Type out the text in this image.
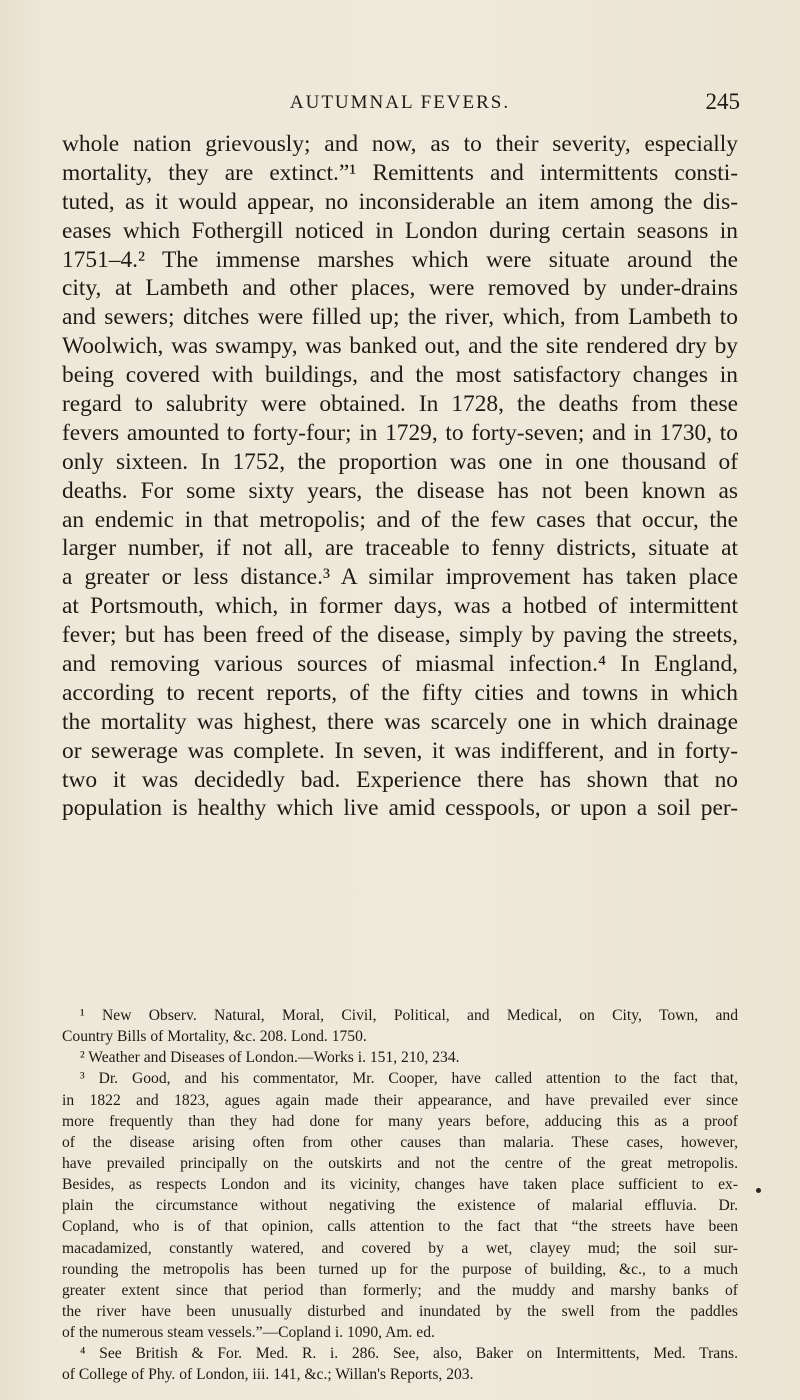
AUTUMNAL FEVERS.	245
whole nation grievously; and now, as to their severity, especially
mortality, they are extinct.”¹ Remittents and intermittents consti-
tuted, as it would appear, no inconsiderable an item among the dis-
eases which Fothergill noticed in London during certain seasons in
1751–4.² The immense marshes which were situate around the
city, at Lambeth and other places, were removed by under-drains
and sewers; ditches were filled up; the river, which, from Lambeth to
Woolwich, was swampy, was banked out, and the site rendered dry by
being covered with buildings, and the most satisfactory changes in
regard to salubrity were obtained. In 1728, the deaths from these
fevers amounted to forty-four; in 1729, to forty-seven; and in 1730, to
only sixteen. In 1752, the proportion was one in one thousand of
deaths. For some sixty years, the disease has not been known as
an endemic in that metropolis; and of the few cases that occur, the
larger number, if not all, are traceable to fenny districts, situate at
a greater or less distance.³ A similar improvement has taken place
at Portsmouth, which, in former days, was a hotbed of intermittent
fever; but has been freed of the disease, simply by paving the streets,
and removing various sources of miasmal infection.⁴ In England,
according to recent reports, of the fifty cities and towns in which
the mortality was highest, there was scarcely one in which drainage
or sewerage was complete. In seven, it was indifferent, and in forty-
two it was decidedly bad. Experience there has shown that no
population is healthy which live amid cesspools, or upon a soil per-
¹ New Observ. Natural, Moral, Civil, Political, and Medical, on City, Town, and
Country Bills of Mortality, &c. 208. Lond. 1750.
² Weather and Diseases of London.—Works i. 151, 210, 234.
³ Dr. Good, and his commentator, Mr. Cooper, have called attention to the fact that,
in 1822 and 1823, agues again made their appearance, and have prevailed ever since
more frequently than they had done for many years before, adducing this as a proof
of the disease arising often from other causes than malaria. These cases, however,
have prevailed principally on the outskirts and not the centre of the great metropolis.
Besides, as respects London and its vicinity, changes have taken place sufficient to ex-
plain the circumstance without negativing the existence of malarial effluvia. Dr.
Copland, who is of that opinion, calls attention to the fact that “the streets have been
macadamized, constantly watered, and covered by a wet, clayey mud; the soil sur-
rounding the metropolis has been turned up for the purpose of building, &c., to a much
greater extent since that period than formerly; and the muddy and marshy banks of
the river have been unusually disturbed and inundated by the swell from the paddles
of the numerous steam vessels.”—Copland i. 1090, Am. ed.
⁴ See British & For. Med. R. i. 286. See, also, Baker on Intermittents, Med. Trans.
of College of Phy. of London, iii. 141, &c.; Willan's Reports, 203.
